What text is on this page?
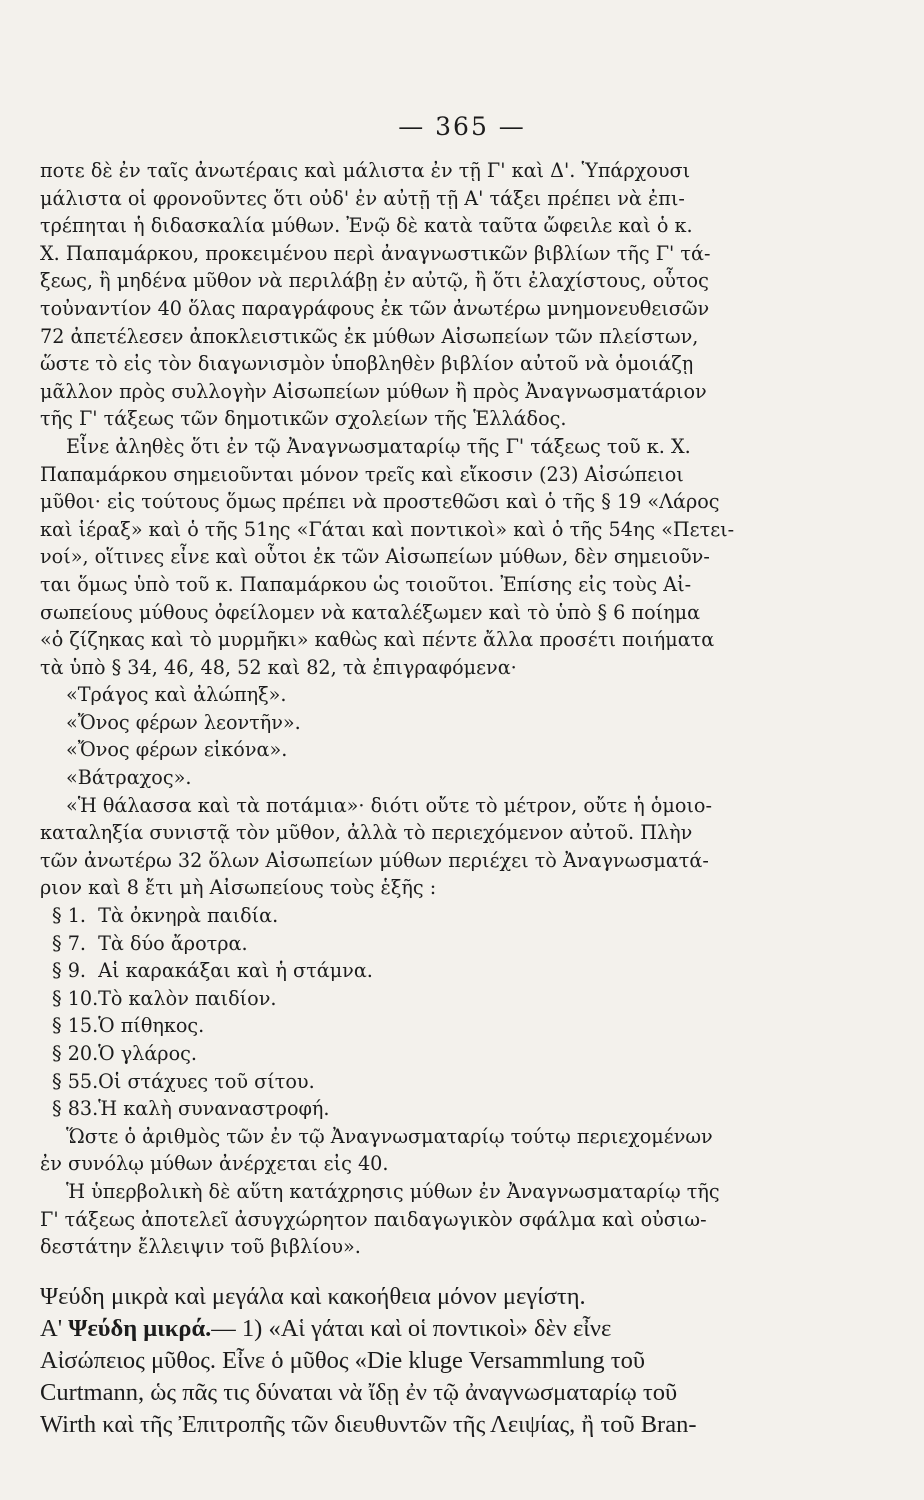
— 365 —

ποτε δὲ ἐν ταῖς ἀνωτέραις καὶ μάλιστα ἐν τῇ Γ' καὶ Δ'. Ὑπάρχουσι

μάλιστα οἱ φρονοῦντες ὅτι οὐδ' ἐν αὐτῇ τῇ Α' τάξει πρέπει νὰ ἐπι-

τρέπηται ἡ διδασκαλία μύθων. Ἐνῷ δὲ κατὰ ταῦτα ὤφειλε καὶ ὁ κ.

Χ. Παπαμάρκου, προκειμένου περὶ ἀναγνωστικῶν βιβλίων τῆς Γ' τά-

ξεως, ἢ μηδένα μῦθον νὰ περιλάβῃ ἐν αὐτῷ, ἢ ὅτι ἐλαχίστους, οὗτος

τοὐναντίον 40 ὅλας παραγράφους ἐκ τῶν ἀνωτέρω μνημονευθεισῶν

72 ἀπετέλεσεν ἀποκλειστικῶς ἐκ μύθων Αἰσωπείων τῶν πλείστων,

ὥστε τὸ εἰς τὸν διαγωνισμὸν ὑποβληθὲν βιβλίον αὐτοῦ νὰ ὁμοιάζῃ

μᾶλλον πρὸς συλλογὴν Αἰσωπείων μύθων ἢ πρὸς Ἀναγνωσματάριον

τῆς Γ' τάξεως τῶν δημοτικῶν σχολείων τῆς Ἑλλάδος.

Εἶνε ἀληθὲς ὅτι ἐν τῷ Ἀναγνωσματαρίῳ τῆς Γ' τάξεως τοῦ κ. Χ.

Παπαμάρκου σημειοῦνται μόνον τρεῖς καὶ εἴκοσιν (23) Αἰσώπειοι

μῦθοι· εἰς τούτους ὅμως πρέπει νὰ προστεθῶσι καὶ ὁ τῆς § 19 «Λάρος

καὶ ἱέραξ» καὶ ὁ τῆς 51ης «Γάται καὶ ποντικοὶ» καὶ ὁ τῆς 54ης «Πετει-

νοί», οἵτινες εἶνε καὶ οὗτοι ἐκ τῶν Αἰσωπείων μύθων, δὲν σημειοῦν-

ται ὅμως ὑπὸ τοῦ κ. Παπαμάρκου ὡς τοιοῦτοι. Ἐπίσης εἰς τοὺς Αἰ-

σωπείους μύθους ὀφείλομεν νὰ καταλέξωμεν καὶ τὸ ὑπὸ § 6 ποίημα

«ὁ ζίζηκας καὶ τὸ μυρμῆκι» καθὼς καὶ πέντε ἄλλα προσέτι ποιήματα

τὰ ὑπὸ § 34, 46, 48, 52 καὶ 82, τὰ ἐπιγραφόμενα·

«Τράγος καὶ ἀλώπηξ».

«Ὄνος φέρων λεοντῆν».

«Ὄνος φέρων εἰκόνα».

«Βάτραχος».

«Ἡ θάλασσα καὶ τὰ ποτάμια»· διότι οὔτε τὸ μέτρον, οὔτε ἡ ὁμοιο-

καταληξία συνιστᾷ τὸν μῦθον, ἀλλὰ τὸ περιεχόμενον αὐτοῦ. Πλὴν

τῶν ἀνωτέρω 32 ὅλων Αἰσωπείων μύθων περιέχει τὸ Ἀναγνωσματά-

ριον καὶ 8 ἔτι μὴ Αἰσωπείους τοὺς ἑξῆς :

§ 1. Τὰ ὀκνηρὰ παιδία.

§ 7. Τὰ δύο ἄροτρα.

§ 9. Αἱ καρακάξαι καὶ ἡ στάμνα.

§ 10. Τὸ καλὸν παιδίον.

§ 15. Ὁ πίθηκος.

§ 20. Ὁ γλάρος.

§ 55. Οἱ στάχυες τοῦ σίτου.

§ 83. Ἡ καλὴ συναναστροφή.

Ὥστε ὁ ἀριθμὸς τῶν ἐν τῷ Ἀναγνωσματαρίῳ τούτῳ περιεχομένων

ἐν συνόλῳ μύθων ἀνέρχεται εἰς 40.

Ἡ ὑπερβολικὴ δὲ αὕτη κατάχρησις μύθων ἐν Ἀναγνωσματαρίῳ τῆς

Γ' τάξεως ἀποτελεῖ ἀσυγχώρητον παιδαγωγικὸν σφάλμα καὶ οὐσιω-

δεστάτην ἔλλειψιν τοῦ βιβλίου».

Ψεύδη μικρὰ καὶ μεγάλα καὶ κακοήθεια μόνον μεγίστη.

Α' Ψεύδη μικρά.— 1) «Αἱ γάται καὶ οἱ ποντικοὶ» δὲν εἶνε

Αἰσώπειος μῦθος. Εἶνε ὁ μῦθος «Die kluge Versammlung τοῦ

Curtmann, ὡς πᾶς τις δύναται νὰ ἴδῃ ἐν τῷ ἀναγνωσματαρίῳ τοῦ

Wirth καὶ τῆς Ἐπιτροπῆς τῶν διευθυντῶν τῆς Λειψίας, ἢ τοῦ Bran-
